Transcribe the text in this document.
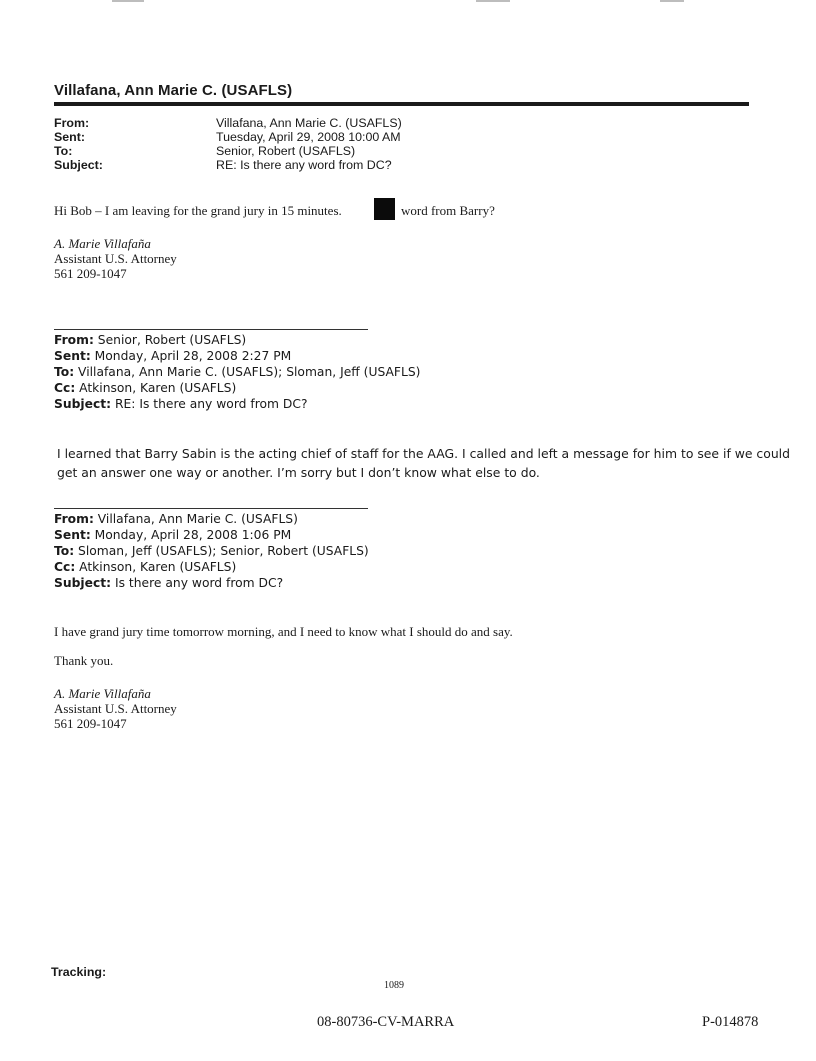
Villafana, Ann Marie C. (USAFLS)
From:	Villafana, Ann Marie C. (USAFLS)
Sent:	Tuesday, April 29, 2008 10:00 AM
To:	Senior, Robert (USAFLS)
Subject:	RE: Is there any word from DC?
Hi Bob – I am leaving for the grand jury in 15 minutes.	word from Barry?
A. Marie Villafaña
Assistant U.S. Attorney
561 209-1047
From: Senior, Robert (USAFLS)
Sent: Monday, April 28, 2008 2:27 PM
To: Villafana, Ann Marie C. (USAFLS); Sloman, Jeff (USAFLS)
Cc: Atkinson, Karen (USAFLS)
Subject: RE: Is there any word from DC?
I learned that Barry Sabin is the acting chief of staff for the AAG. I called and left a message for him to see if we could
get an answer one way or another. I’m sorry but I don’t know what else to do.
From: Villafana, Ann Marie C. (USAFLS)
Sent: Monday, April 28, 2008 1:06 PM
To: Sloman, Jeff (USAFLS); Senior, Robert (USAFLS)
Cc: Atkinson, Karen (USAFLS)
Subject: Is there any word from DC?
I have grand jury time tomorrow morning, and I need to know what I should do and say.
Thank you.
A. Marie Villafaña
Assistant U.S. Attorney
561 209-1047
Tracking:
1089
08-80736-CV-MARRA	P-014878
